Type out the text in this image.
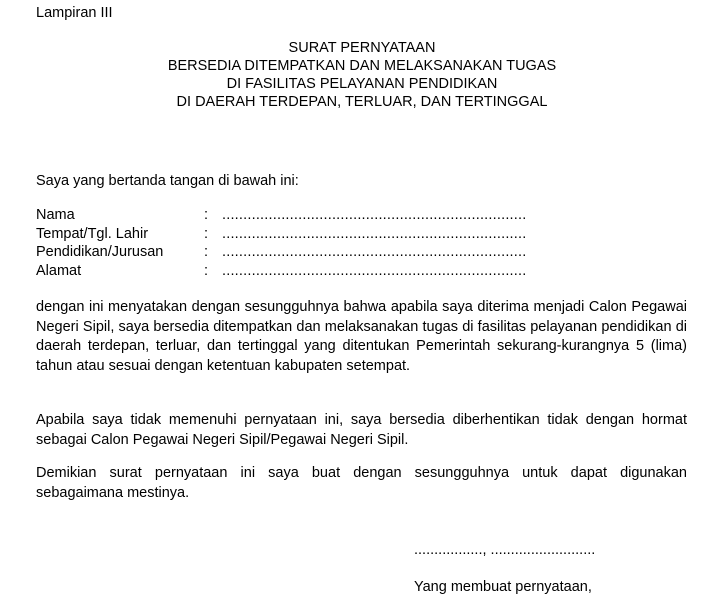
Lampiran III
SURAT PERNYATAAN
BERSEDIA DITEMPATKAN DAN MELAKSANAKAN TUGAS
DI FASILITAS PELAYANAN PENDIDIKAN
DI DAERAH TERDEPAN, TERLUAR, DAN TERTINGGAL
Saya yang bertanda tangan di bawah ini:
Nama	: ........................................................................
Tempat/Tgl. Lahir	: ........................................................................
Pendidikan/Jurusan	: ........................................................................
Alamat	: ........................................................................
dengan ini menyatakan dengan sesungguhnya bahwa apabila saya diterima menjadi Calon Pegawai Negeri Sipil, saya bersedia ditempatkan dan melaksanakan tugas di fasilitas pelayanan pendidikan di daerah terdepan, terluar, dan tertinggal yang ditentukan Pemerintah sekurang-kurangnya 5 (lima) tahun atau sesuai dengan ketentuan kabupaten setempat.
Apabila saya tidak memenuhi pernyataan ini, saya bersedia diberhentikan tidak dengan hormat sebagai Calon Pegawai Negeri Sipil/Pegawai Negeri Sipil.
Demikian surat pernyataan ini saya buat dengan sesungguhnya untuk dapat digunakan sebagaimana mestinya.
................., ..........................
Yang membuat pernyataan,
